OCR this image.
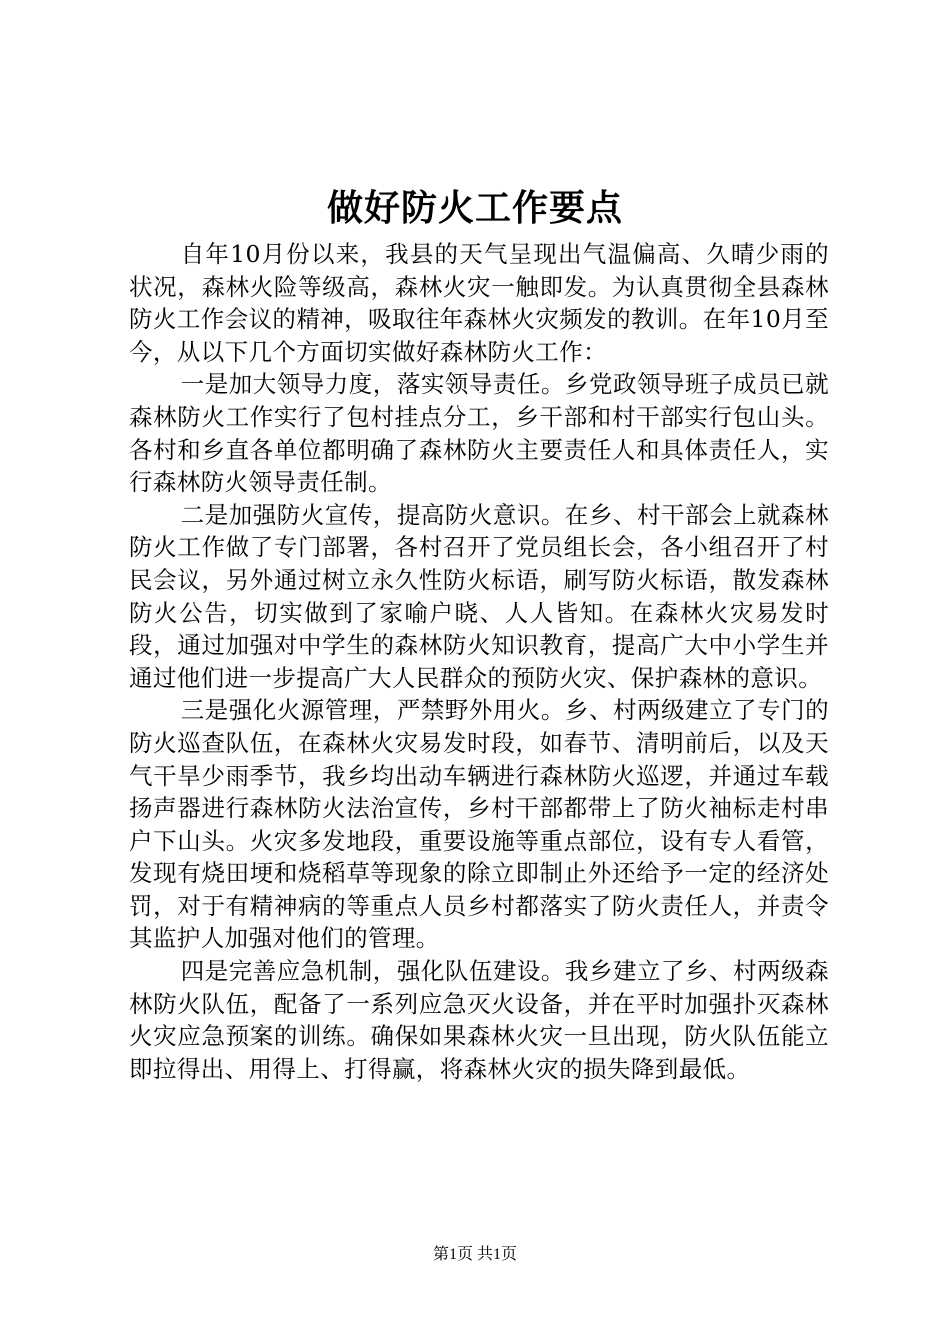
做好防火工作要点

自年10月份以来，我县的天气呈现出气温偏高、久晴少雨的状况，森林火险等级高，森林火灾一触即发。为认真贯彻全县森林防火工作会议的精神，吸取往年森林火灾频发的教训。在年10月至今，从以下几个方面切实做好森林防火工作：

一是加大领导力度，落实领导责任。乡党政领导班子成员已就森林防火工作实行了包村挂点分工，乡干部和村干部实行包山头。各村和乡直各单位都明确了森林防火主要责任人和具体责任人，实行森林防火领导责任制。

二是加强防火宣传，提高防火意识。在乡、村干部会上就森林防火工作做了专门部署，各村召开了党员组长会，各小组召开了村民会议，另外通过树立永久性防火标语，刷写防火标语，散发森林防火公告，切实做到了家喻户晓、人人皆知。在森林火灾易发时段，通过加强对中学生的森林防火知识教育，提高广大中小学生并通过他们进一步提高广大人民群众的预防火灾、保护森林的意识。

三是强化火源管理，严禁野外用火。乡、村两级建立了专门的防火巡查队伍，在森林火灾易发时段，如春节、清明前后，以及天气干旱少雨季节，我乡均出动车辆进行森林防火巡逻，并通过车载扬声器进行森林防火法治宣传，乡村干部都带上了防火袖标走村串户下山头。火灾多发地段，重要设施等重点部位，设有专人看管，发现有烧田埂和烧稻草等现象的除立即制止外还给予一定的经济处罚，对于有精神病的等重点人员乡村都落实了防火责任人，并责令其监护人加强对他们的管理。

四是完善应急机制，强化队伍建设。我乡建立了乡、村两级森林防火队伍，配备了一系列应急灭火设备，并在平时加强扑灭森林火灾应急预案的训练。确保如果森林火灾一旦出现，防火队伍能立即拉得出、用得上、打得赢，将森林火灾的损失降到最低。

第1页 共1页
